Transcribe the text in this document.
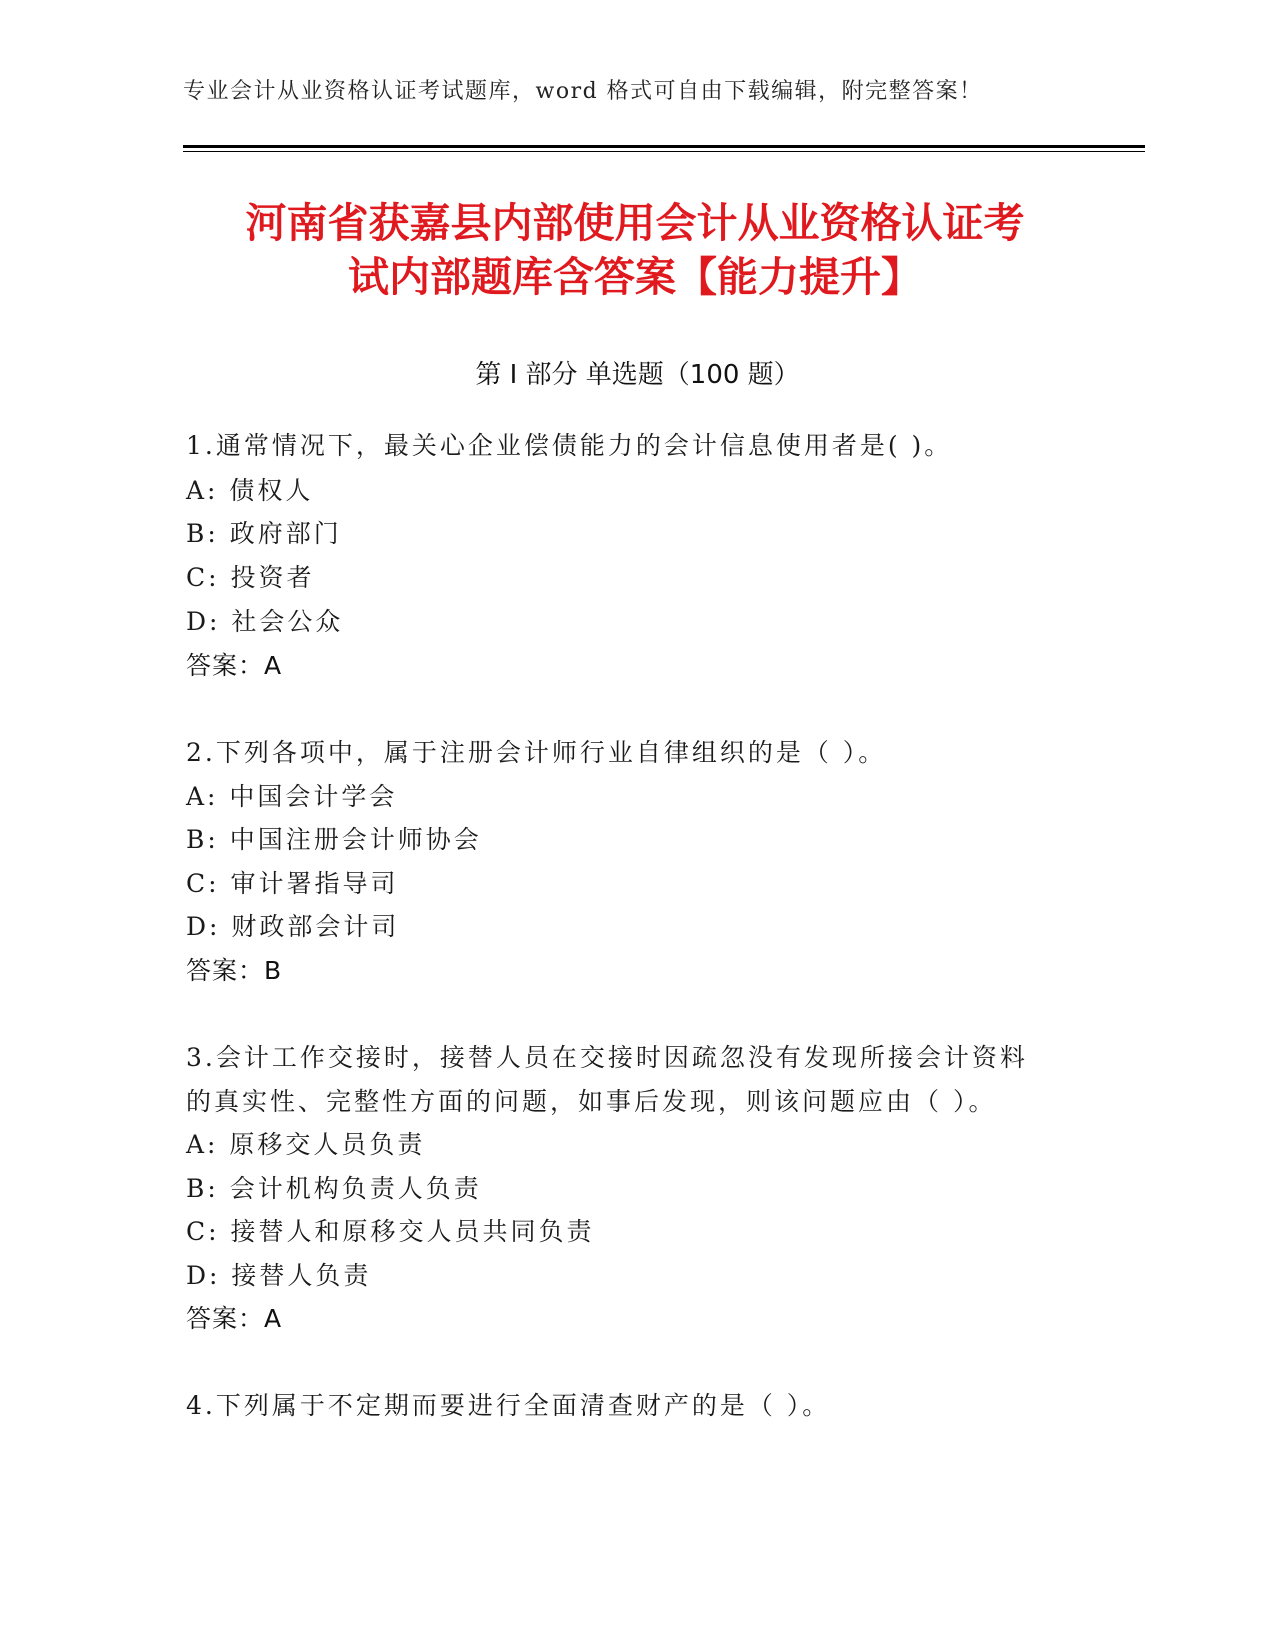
专业会计从业资格认证考试题库，word 格式可自由下载编辑，附完整答案！
河南省获嘉县内部使用会计从业资格认证考
试内部题库含答案【能力提升】
第 I 部分 单选题（100 题）
1.通常情况下，最关心企业偿债能力的会计信息使用者是( )。
A: 债权人
B: 政府部门
C: 投资者
D: 社会公众
答案：A
2.下列各项中，属于注册会计师行业自律组织的是（ ）。
A: 中国会计学会
B: 中国注册会计师协会
C: 审计署指导司
D: 财政部会计司
答案：B
3.会计工作交接时，接替人员在交接时因疏忽没有发现所接会计资料
的真实性、完整性方面的问题，如事后发现，则该问题应由（ ）。
A: 原移交人员负责
B: 会计机构负责人负责
C: 接替人和原移交人员共同负责
D: 接替人负责
答案：A
4.下列属于不定期而要进行全面清查财产的是（ ）。
